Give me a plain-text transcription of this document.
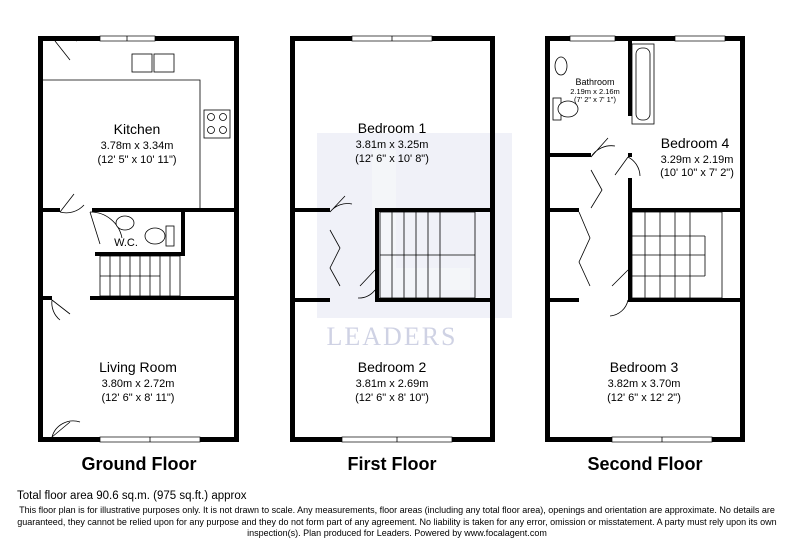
LEADERS
Kitchen
3.78m x 3.34m
(12' 5" x 10' 11")
W.C.
Living Room
3.80m x 2.72m
(12' 6" x 8' 11")
Ground Floor
Bedroom 1
3.81m x 3.25m
(12' 6" x 10' 8")
Bedroom 2
3.81m x 2.69m
(12' 6" x 8' 10")
First Floor
Bathroom
2.19m x 2.16m
(7' 2" x 7' 1")
Bedroom 4
3.29m x 2.19m
(10' 10" x 7' 2")
Bedroom 3
3.82m x 3.70m
(12' 6" x 12' 2")
Second Floor

Total floor area 90.6 sq.m. (975 sq.ft.) approx

This floor plan is for illustrative purposes only. It is not drawn to scale. Any measurements, floor areas (including any total floor area), openings and orientation are approximate. No details are guaranteed, they cannot be relied upon for any purpose and they do not form part of any agreement. No liability is taken for any error, omission or misstatement. A party must rely upon its own inspection(s). Plan produced for Leaders. Powered by www.focalagent.com
